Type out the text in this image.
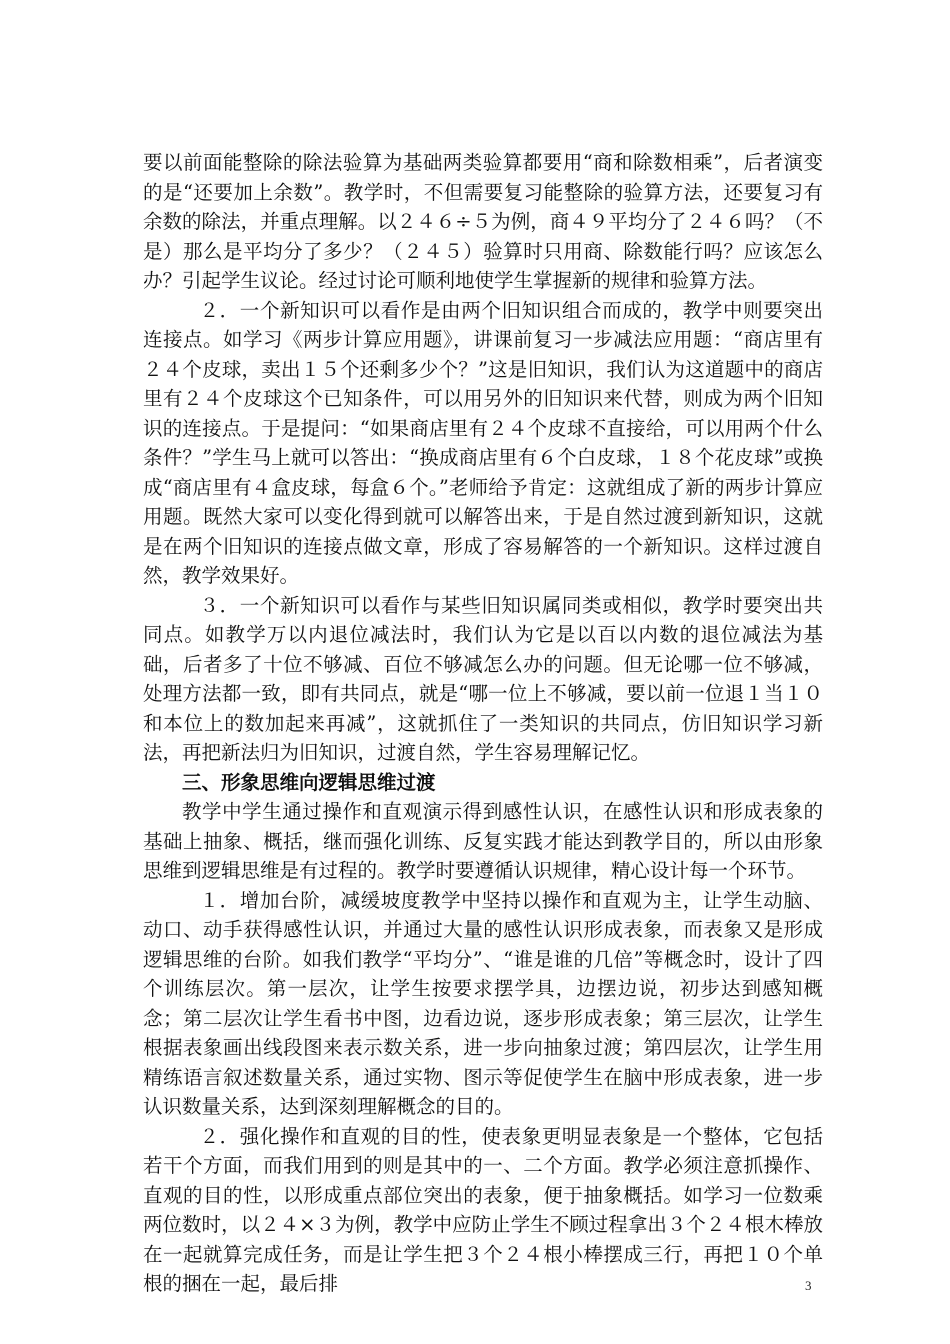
要以前面能整除的除法验算为基础两类验算都要用“商和除数相乘”，后者演变的是“还要加上余数”。教学时，不但需要复习能整除的验算方法，还要复习有余数的除法，并重点理解。以２４６÷５为例，商４９平均分了２４６吗？（不是）那么是平均分了多少？（２４５）验算时只用商、除数能行吗？应该怎么办？引起学生议论。经过讨论可顺利地使学生掌握新的规律和验算方法。

２．一个新知识可以看作是由两个旧知识组合而成的，教学中则要突出连接点。如学习《两步计算应用题》，讲课前复习一步减法应用题：“商店里有２４个皮球，卖出１５个还剩多少个？”这是旧知识，我们认为这道题中的商店里有２４个皮球这个已知条件，可以用另外的旧知识来代替，则成为两个旧知识的连接点。于是提问：“如果商店里有２４个皮球不直接给，可以用两个什么条件？”学生马上就可以答出：“换成商店里有６个白皮球，１８个花皮球”或换成“商店里有４盒皮球，每盒６个。”老师给予肯定：这就组成了新的两步计算应用题。既然大家可以变化得到就可以解答出来，于是自然过渡到新知识，这就是在两个旧知识的连接点做文章，形成了容易解答的一个新知识。这样过渡自然，教学效果好。

３．一个新知识可以看作与某些旧知识属同类或相似，教学时要突出共同点。如教学万以内退位减法时，我们认为它是以百以内数的退位减法为基础，后者多了十位不够减、百位不够减怎么办的问题。但无论哪一位不够减，处理方法都一致，即有共同点，就是“哪一位上不够减，要以前一位退１当１０和本位上的数加起来再减”，这就抓住了一类知识的共同点，仿旧知识学习新法，再把新法归为旧知识，过渡自然，学生容易理解记忆。

三、形象思维向逻辑思维过渡

教学中学生通过操作和直观演示得到感性认识，在感性认识和形成表象的基础上抽象、概括，继而强化训练、反复实践才能达到教学目的，所以由形象思维到逻辑思维是有过程的。教学时要遵循认识规律，精心设计每一个环节。

１．增加台阶，减缓坡度教学中坚持以操作和直观为主，让学生动脑、动口、动手获得感性认识，并通过大量的感性认识形成表象，而表象又是形成逻辑思维的台阶。如我们教学“平均分”、“谁是谁的几倍”等概念时，设计了四个训练层次。第一层次，让学生按要求摆学具，边摆边说，初步达到感知概念；第二层次让学生看书中图，边看边说，逐步形成表象；第三层次，让学生根据表象画出线段图来表示数关系，进一步向抽象过渡；第四层次，让学生用精练语言叙述数量关系，通过实物、图示等促使学生在脑中形成表象，进一步认识数量关系，达到深刻理解概念的目的。

２．强化操作和直观的目的性，使表象更明显表象是一个整体，它包括若干个方面，而我们用到的则是其中的一、二个方面。教学必须注意抓操作、直观的目的性，以形成重点部位突出的表象，便于抽象概括。如学习一位数乘两位数时，以２４×３为例，教学中应防止学生不顾过程拿出３个２４根木棒放在一起就算完成任务，而是让学生把３个２４根小棒摆成三行，再把１０个单根的捆在一起，最后排	3
